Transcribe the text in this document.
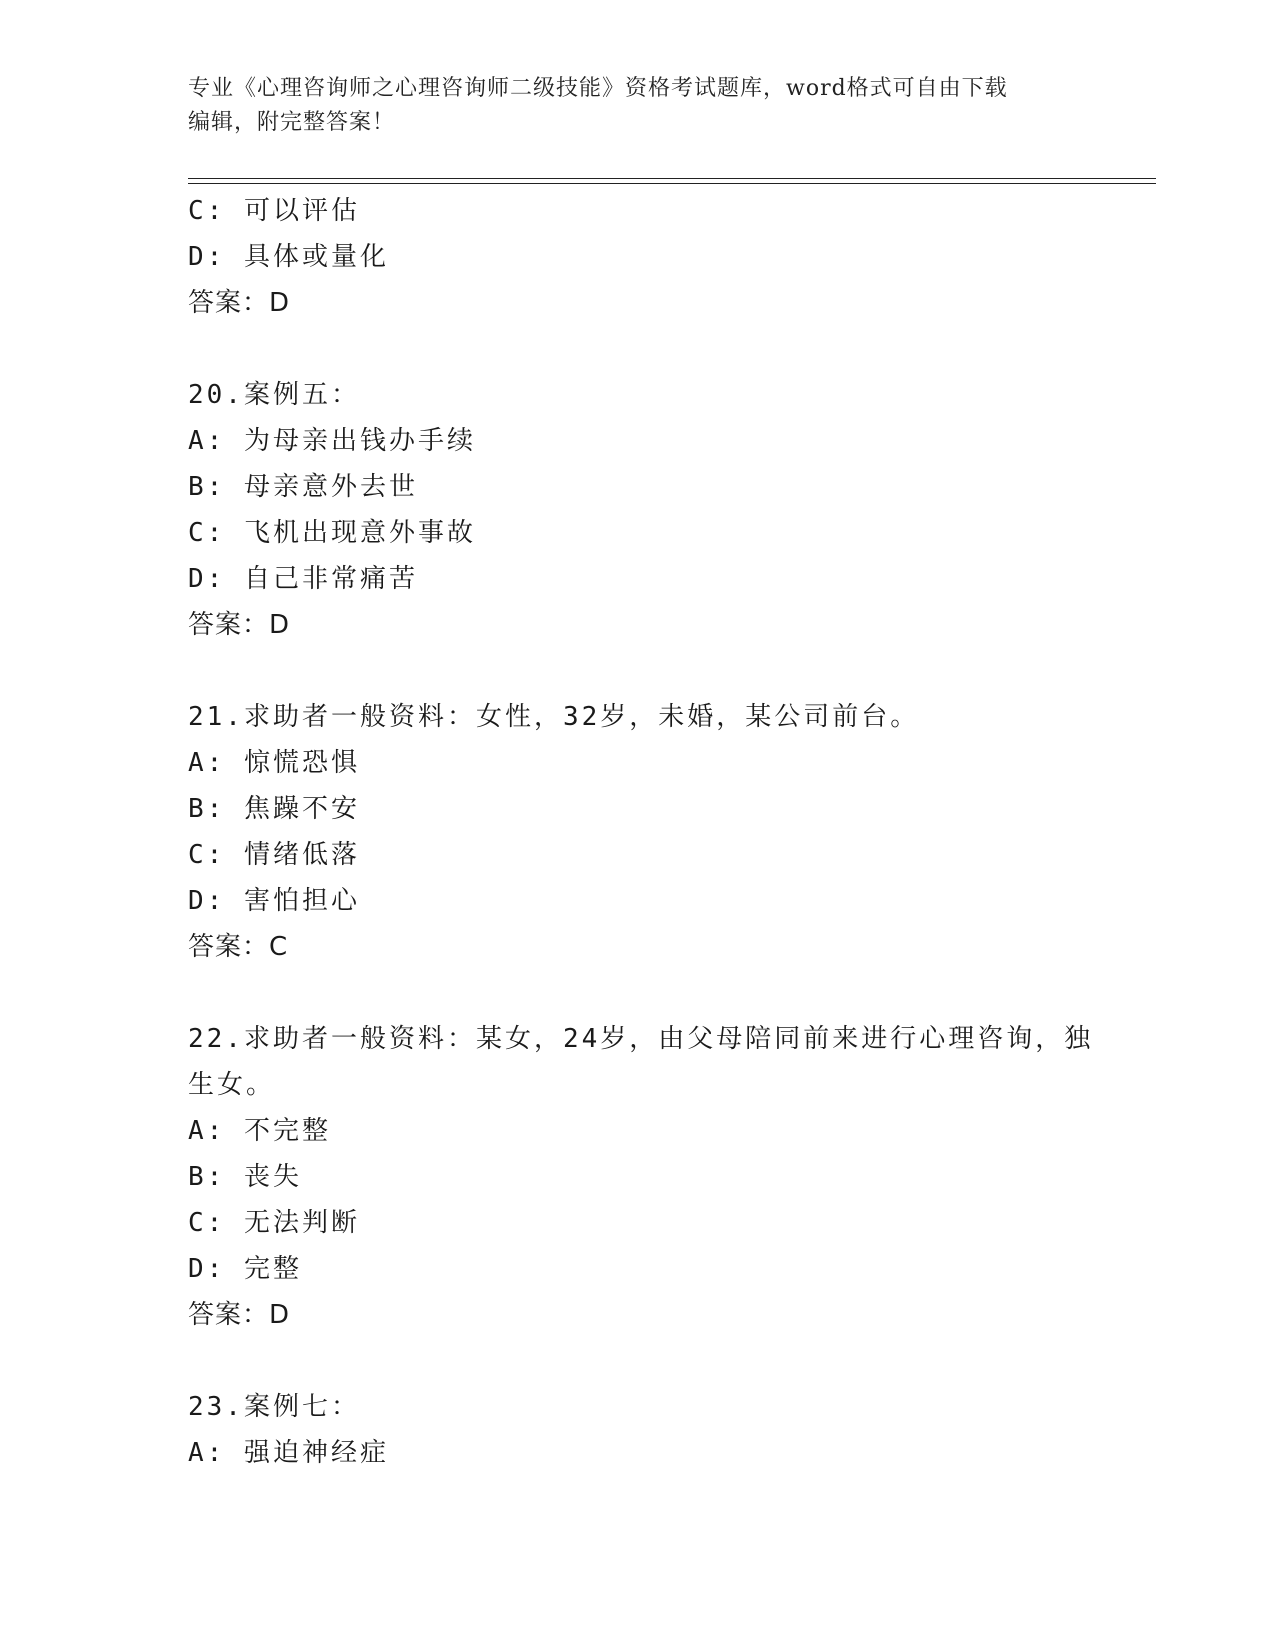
专业《心理咨询师之心理咨询师二级技能》资格考试题库，word格式可自由下载
编辑，附完整答案！
C: 可以评估
D: 具体或量化
答案：D
20.案例五：
A: 为母亲出钱办手续
B: 母亲意外去世
C: 飞机出现意外事故
D: 自己非常痛苦
答案：D
21.求助者一般资料：女性，32岁，未婚，某公司前台。
A: 惊慌恐惧
B: 焦躁不安
C: 情绪低落
D: 害怕担心
答案：C
22.求助者一般资料：某女，24岁，由父母陪同前来进行心理咨询，独
生女。
A: 不完整
B: 丧失
C: 无法判断
D: 完整
答案：D
23.案例七：
A: 强迫神经症
